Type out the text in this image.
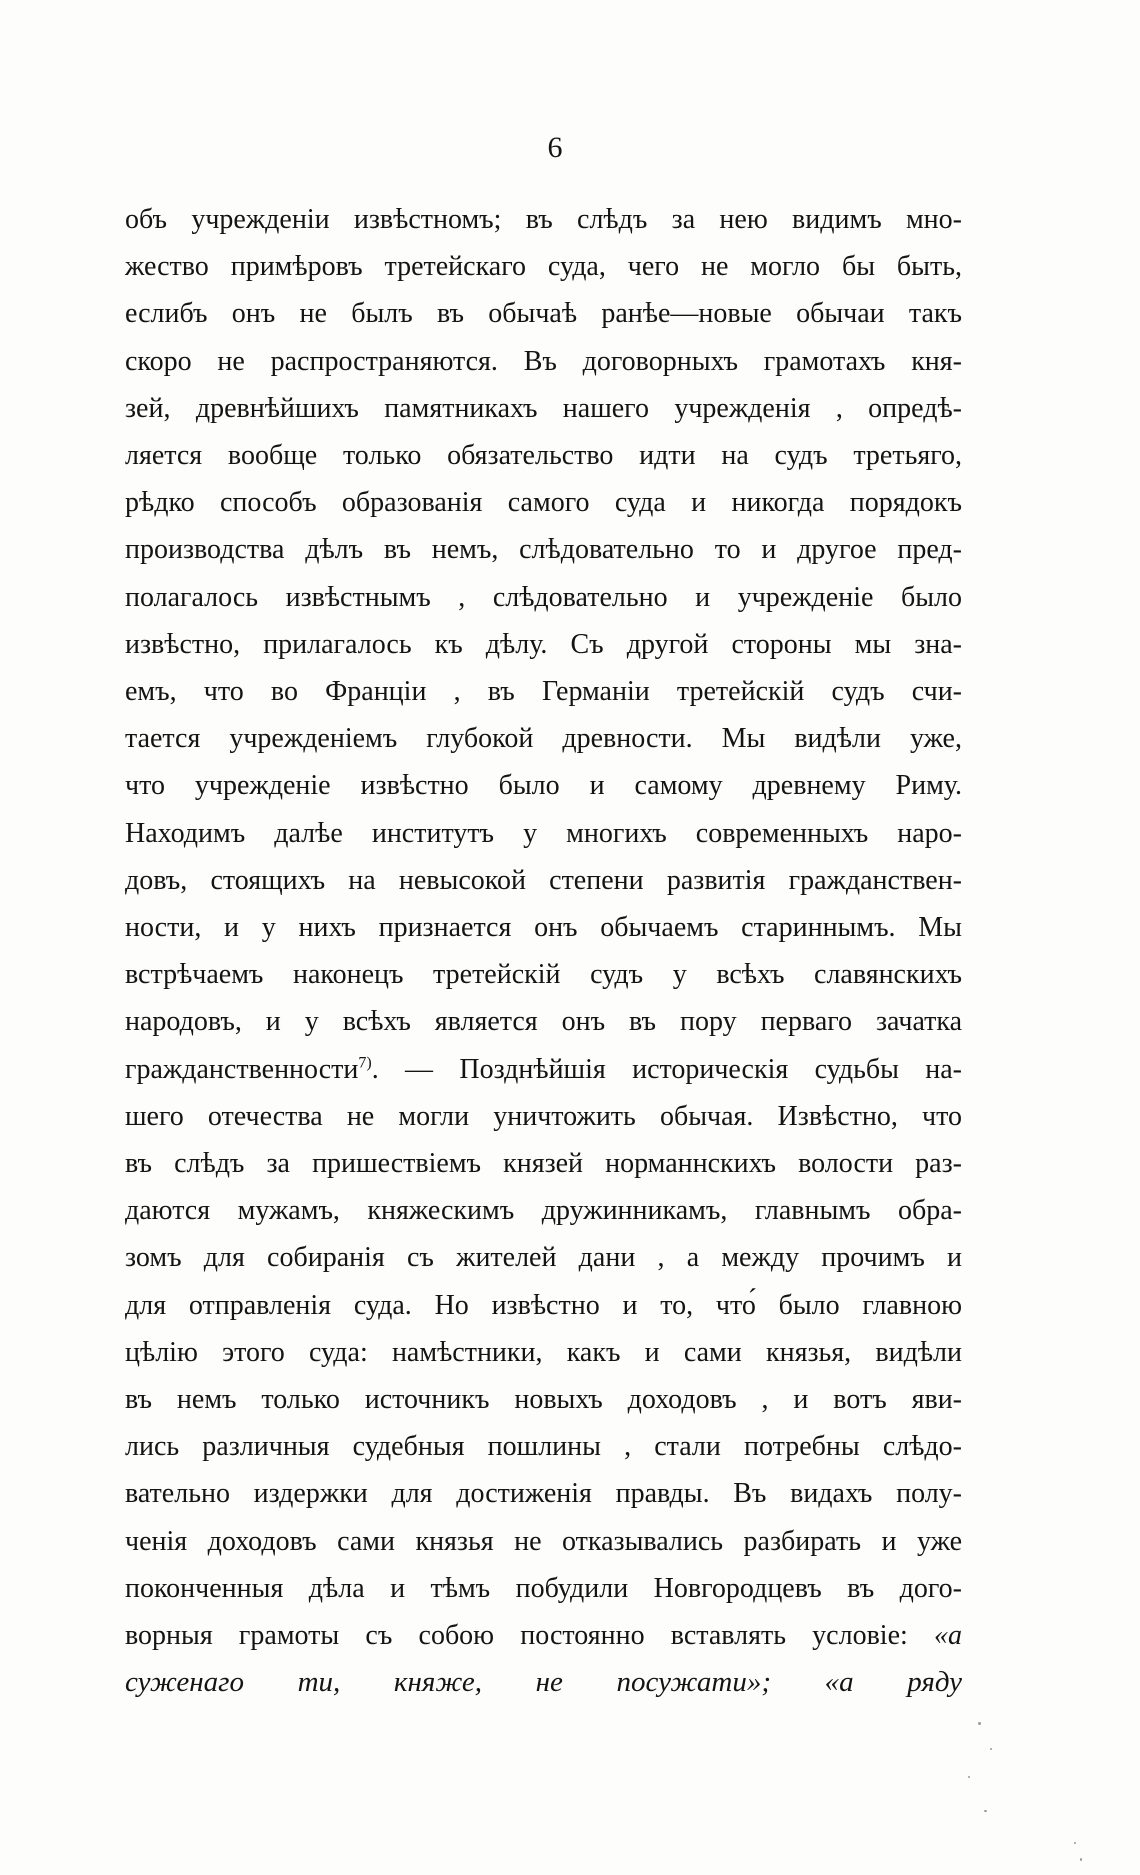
6
объ учрежденіи извѣстномъ; въ слѣдъ за нею видимъ мно-
жество примѣровъ третейскаго суда, чего не могло бы быть,
еслибъ онъ не былъ въ обычаѣ ранѣе—новые обычаи такъ
скоро не распространяются. Въ договорныхъ грамотахъ кня-
зей, древнѣйшихъ памятникахъ нашего учрежденія , опредѣ-
ляется вообще только обязательство идти на судъ третьяго,
рѣдко способъ образованія самого суда и никогда порядокъ
производства дѣлъ въ немъ, слѣдовательно то и другое пред-
полагалось извѣстнымъ , слѣдовательно и учрежденіе было
извѣстно, прилагалось къ дѣлу. Съ другой стороны мы зна-
емъ, что во Франціи , въ Германіи третейскій судъ счи-
тается учрежденіемъ глубокой древности. Мы видѣли уже,
что учрежденіе извѣстно было и самому древнему Риму.
Находимъ далѣе институтъ у многихъ современныхъ наро-
довъ, стоящихъ на невысокой степени развитія гражданствен-
ности, и у нихъ признается онъ обычаемъ стариннымъ. Мы
встрѣчаемъ наконецъ третейскій судъ у всѣхъ славянскихъ
народовъ, и у всѣхъ является онъ въ пору перваго зачатка
гражданственности$^{7)}$. — Позднѣйшія историческія судьбы на-
шего отечества не могли уничтожить обычая. Извѣстно, что
въ слѣдъ за пришествіемъ князей норманнскихъ волости раз-
даются мужамъ, княжескимъ дружинникамъ, главнымъ обра-
зомъ для собиранія съ жителей дани , а между прочимъ и
для отправленія суда. Но извѣстно и то, что́ было главною
цѣлію этого суда: намѣстники, какъ и сами князья, видѣли
въ немъ только источникъ новыхъ доходовъ , и вотъ яви-
лись различныя судебныя пошлины , стали потребны слѣдо-
вательно издержки для достиженія правды. Въ видахъ полу-
ченія доходовъ сами князья не отказывались разбирать и уже
поконченныя дѣла и тѣмъ побудили Новгородцевъ въ дого-
ворныя грамоты съ собою постоянно вставлять условіе: «а
суженаго ти, княже, не посужати»; «а ряду
